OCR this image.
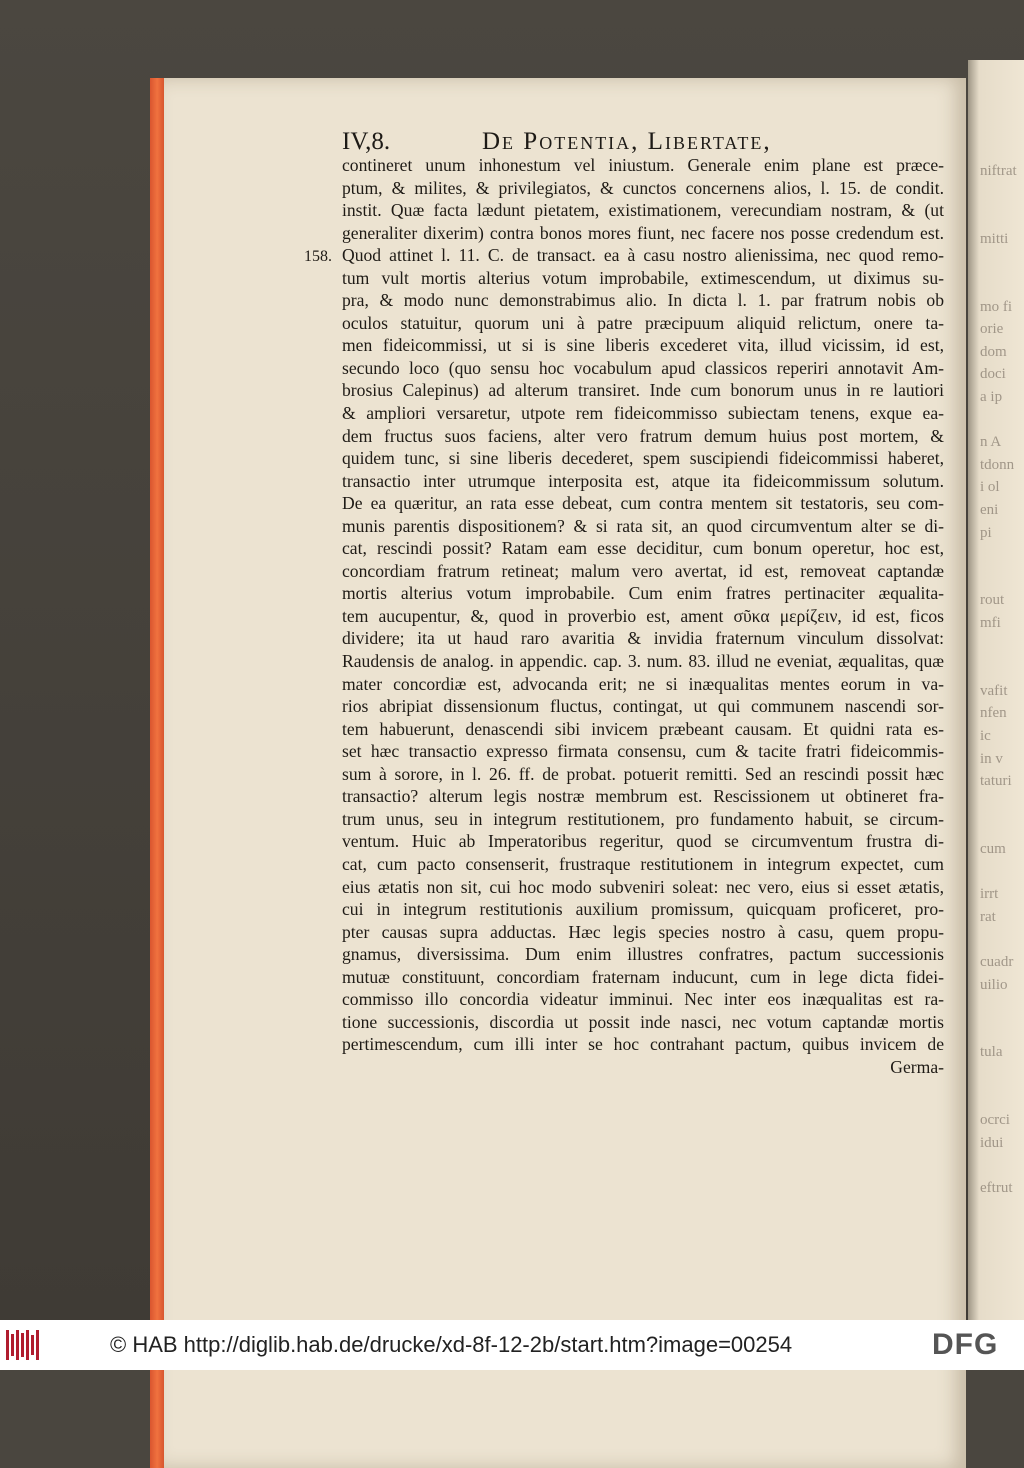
niftrat
mitti
mo fi
orie
dom
doci
a ip
n A
tdonn
i ol
eni
pi
rout
mfi
vafit
nfen
ic
in v
taturi
cum
irrt
rat
cuadr
uilio
tula
ocrci
idui
eftrut
IV,8.	De Potentia, Libertate,
158.
contineret unum inhonestum vel iniustum. Generale enim plane est præce-
ptum, & milites, & privilegiatos, & cunctos concernens alios, l. 15. de condit.
instit. Quæ facta lædunt pietatem, existimationem, verecundiam nostram, & (ut
generaliter dixerim) contra bonos mores fiunt, nec facere nos posse credendum est.
Quod attinet l. 11. C. de transact. ea à casu nostro alienissima, nec quod remo-
tum vult mortis alterius votum improbabile, extimescendum, ut diximus su-
pra, & modo nunc demonstrabimus alio. In dicta l. 1. par fratrum nobis ob
oculos statuitur, quorum uni à patre præcipuum aliquid relictum, onere ta-
men fideicommissi, ut si is sine liberis excederet vita, illud vicissim, id est,
secundo loco (quo sensu hoc vocabulum apud classicos reperiri annotavit Am-
brosius Calepinus) ad alterum transiret. Inde cum bonorum unus in re lautiori
& ampliori versaretur, utpote rem fideicommisso subiectam tenens, exque ea-
dem fructus suos faciens, alter vero fratrum demum huius post mortem, &
quidem tunc, si sine liberis decederet, spem suscipiendi fideicommissi haberet,
transactio inter utrumque interposita est, atque ita fideicommissum solutum.
De ea quæritur, an rata esse debeat, cum contra mentem sit testatoris, seu com-
munis parentis dispositionem? & si rata sit, an quod circumventum alter se di-
cat, rescindi possit? Ratam eam esse deciditur, cum bonum operetur, hoc est,
concordiam fratrum retineat; malum vero avertat, id est, removeat captandæ
mortis alterius votum improbabile. Cum enim fratres pertinaciter æqualita-
tem aucupentur, &, quod in proverbio est, ament σῦκα μερίζειν, id est, ficos
dividere; ita ut haud raro avaritia & invidia fraternum vinculum dissolvat:
Raudensis de analog. in appendic. cap. 3. num. 83. illud ne eveniat, æqualitas, quæ
mater concordiæ est, advocanda erit; ne si inæqualitas mentes eorum in va-
rios abripiat dissensionum fluctus, contingat, ut qui communem nascendi sor-
tem habuerunt, denascendi sibi invicem præbeant causam. Et quidni rata es-
set hæc transactio expresso firmata consensu, cum & tacite fratri fideicommis-
sum à sorore, in l. 26. ff. de probat. potuerit remitti. Sed an rescindi possit hæc
transactio? alterum legis nostræ membrum est. Rescissionem ut obtineret fra-
trum unus, seu in integrum restitutionem, pro fundamento habuit, se circum-
ventum. Huic ab Imperatoribus regeritur, quod se circumventum frustra di-
cat, cum pacto consenserit, frustraque restitutionem in integrum expectet, cum
eius ætatis non sit, cui hoc modo subveniri soleat: nec vero, eius si esset ætatis,
cui in integrum restitutionis auxilium promissum, quicquam proficeret, pro-
pter causas supra adductas. Hæc legis species nostro à casu, quem propu-
gnamus, diversissima. Dum enim illustres confratres, pactum successionis
mutuæ constituunt, concordiam fraternam inducunt, cum in lege dicta fidei-
commisso illo concordia videatur imminui. Nec inter eos inæqualitas est ra-
tione successionis, discordia ut possit inde nasci, nec votum captandæ mortis
pertimescendum, cum illi inter se hoc contrahant pactum, quibus invicem de
Germa-
© HAB http://diglib.hab.de/drucke/xd-8f-12-2b/start.htm?image=00254	DFG
